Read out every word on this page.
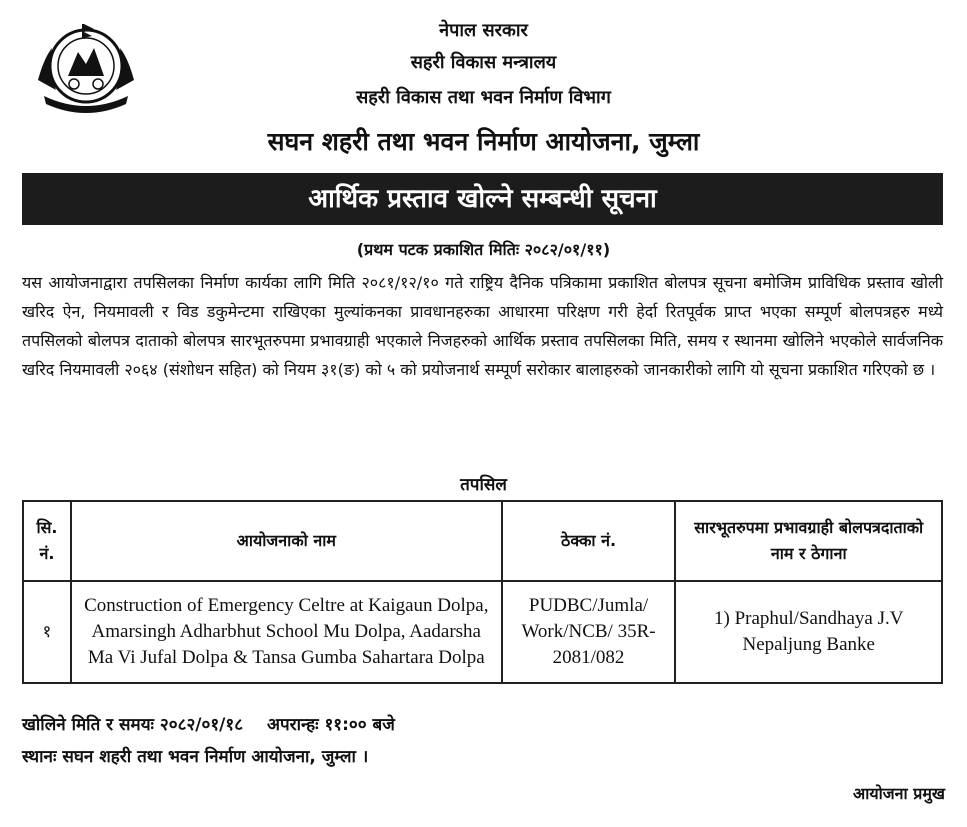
नेपाल सरकार
सहरी विकास मन्त्रालय
सहरी विकास तथा भवन निर्माण विभाग
सघन शहरी तथा भवन निर्माण आयोजना, जुम्ला
आर्थिक प्रस्ताव खोल्ने सम्बन्धी सूचना
(प्रथम पटक प्रकाशित मितिः २०८२/०१/११)
यस आयोजनाद्वारा तपसिलका निर्माण कार्यका लागि मिति २०८१/१२/१० गते राष्ट्रिय दैनिक पत्रिकामा प्रकाशित बोलपत्र सूचना बमोजिम प्राविधिक प्रस्ताव खोली खरिद ऐन, नियमावली र विड डकुमेन्टमा राखिएका मुल्यांकनका प्रावधानहरुका आधारमा परिक्षण गरी हेर्दा रितपूर्वक प्राप्त भएका सम्पूर्ण बोलपत्रहरु मध्ये तपसिलको बोलपत्र दाताको बोलपत्र सारभूतरुपमा प्रभावग्राही भएकाले निजहरुको आर्थिक प्रस्ताव तपसिलका मिति, समय र स्थानमा खोलिने भएकोले सार्वजनिक खरिद नियमावली २०६४ (संशोधन सहित) को नियम ३१(ङ) को ५ को प्रयोजनार्थ सम्पूर्ण सरोकार बालाहरुको जानकारीको लागि यो सूचना प्रकाशित गरिएको छ ।
तपसिल
सि. नं.	आयोजनाको नाम	ठेक्का नं.	सारभूतरुपमा प्रभावग्राही बोलपत्रदाताको नाम र ठेगाना
१	Construction of Emergency Celtre at Kaigaun Dolpa, Amarsingh Adharbhut School Mu Dolpa, Aadarsha Ma Vi Jufal Dolpa & Tansa Gumba Sahartara Dolpa	PUDBC/Jumla/ Work/NCB/ 35R-2081/082	1) Praphul/Sandhaya J.V Nepaljung Banke
खोलिने मिति र समयः २०८२/०१/१८ अपरान्हः ११:०० बजे
स्थानः सघन शहरी तथा भवन निर्माण आयोजना, जुम्ला ।
आयोजना प्रमुख
